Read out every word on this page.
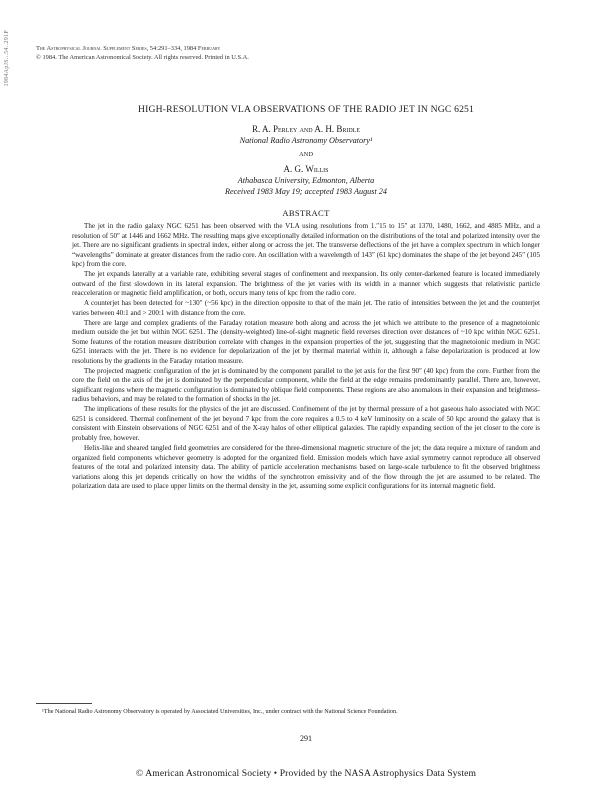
1984ApJS...54..291P	The Astrophysical Journal Supplement Series, 54:291–334, 1984 February
© 1984. The American Astronomical Society. All rights reserved. Printed in U.S.A.
HIGH-RESOLUTION VLA OBSERVATIONS OF THE RADIO JET IN NGC 6251
R. A. Perley and A. H. Bridle
National Radio Astronomy Observatory¹
AND
A. G. Willis
Athabasca University, Edmonton, Alberta
Received 1983 May 19; accepted 1983 August 24
ABSTRACT

The jet in the radio galaxy NGC 6251 has been observed with the VLA using resolutions from 1.″15 to 15″ at 1370, 1480, 1662, and 4885 MHz, and a resolution of 50″ at 1446 and 1662 MHz. The resulting maps give exceptionally detailed information on the distributions of the total and polarized intensity over the jet. There are no significant gradients in spectral index, either along or across the jet. The transverse deflections of the jet have a complex spectrum in which longer “wavelengths” dominate at greater distances from the radio core. An oscillation with a wavelength of 143″ (61 kpc) dominates the shape of the jet beyond 245″ (105 kpc) from the core.

The jet expands laterally at a variable rate, exhibiting several stages of confinement and reexpansion. Its only center-darkened feature is located immediately outward of the first slowdown in its lateral expansion. The brightness of the jet varies with its width in a manner which suggests that relativistic particle reacceleration or magnetic field amplification, or both, occurs many tens of kpc from the radio core.

A counterjet has been detected for ~130″ (~56 kpc) in the direction opposite to that of the main jet. The ratio of intensities between the jet and the counterjet varies between 40:1 and > 200:1 with distance from the core.

There are large and complex gradients of the Faraday rotation measure both along and across the jet which we attribute to the presence of a magnetoionic medium outside the jet but within NGC 6251. The (density-weighted) line-of-sight magnetic field reverses direction over distances of ~10 kpc within NGC 6251. Some features of the rotation measure distribution correlate with changes in the expansion properties of the jet, suggesting that the magnetoionic medium in NGC 6251 interacts with the jet. There is no evidence for depolarization of the jet by thermal material within it, although a false depolarization is produced at low resolutions by the gradients in the Faraday rotation measure.

The projected magnetic configuration of the jet is dominated by the component parallel to the jet axis for the first 90″ (40 kpc) from the core. Further from the core the field on the axis of the jet is dominated by the perpendicular component, while the field at the edge remains predominantly parallel. There are, however, significant regions where the magnetic configuration is dominated by oblique field components. These regions are also anomalous in their expansion and brightness-radius behaviors, and may be related to the formation of shocks in the jet.

The implications of these results for the physics of the jet are discussed. Confinement of the jet by thermal pressure of a hot gaseous halo associated with NGC 6251 is considered. Thermal confinement of the jet beyond 7 kpc from the core requires a 0.5 to 4 keV luminosity on a scale of 50 kpc around the galaxy that is consistent with Einstein observations of NGC 6251 and of the X-ray halos of other elliptical galaxies. The rapidly expanding section of the jet closer to the core is probably free, however.

Helix-like and sheared tangled field geometries are considered for the three-dimensional magnetic structure of the jet; the data require a mixture of random and organized field components whichever geometry is adopted for the organized field. Emission models which have axial symmetry cannot reproduce all observed features of the total and polarized intensity data. The ability of particle acceleration mechanisms based on large-scale turbulence to fit the observed brightness variations along this jet depends critically on how the widths of the synchrotron emissivity and of the flow through the jet are assumed to be related. The polarization data are used to place upper limits on the thermal density in the jet, assuming some explicit configurations for its internal magnetic field.

¹The National Radio Astronomy Observatory is operated by Associated Universities, Inc., under contract with the National Science Foundation.
291
© American Astronomical Society • Provided by the NASA Astrophysics Data System
